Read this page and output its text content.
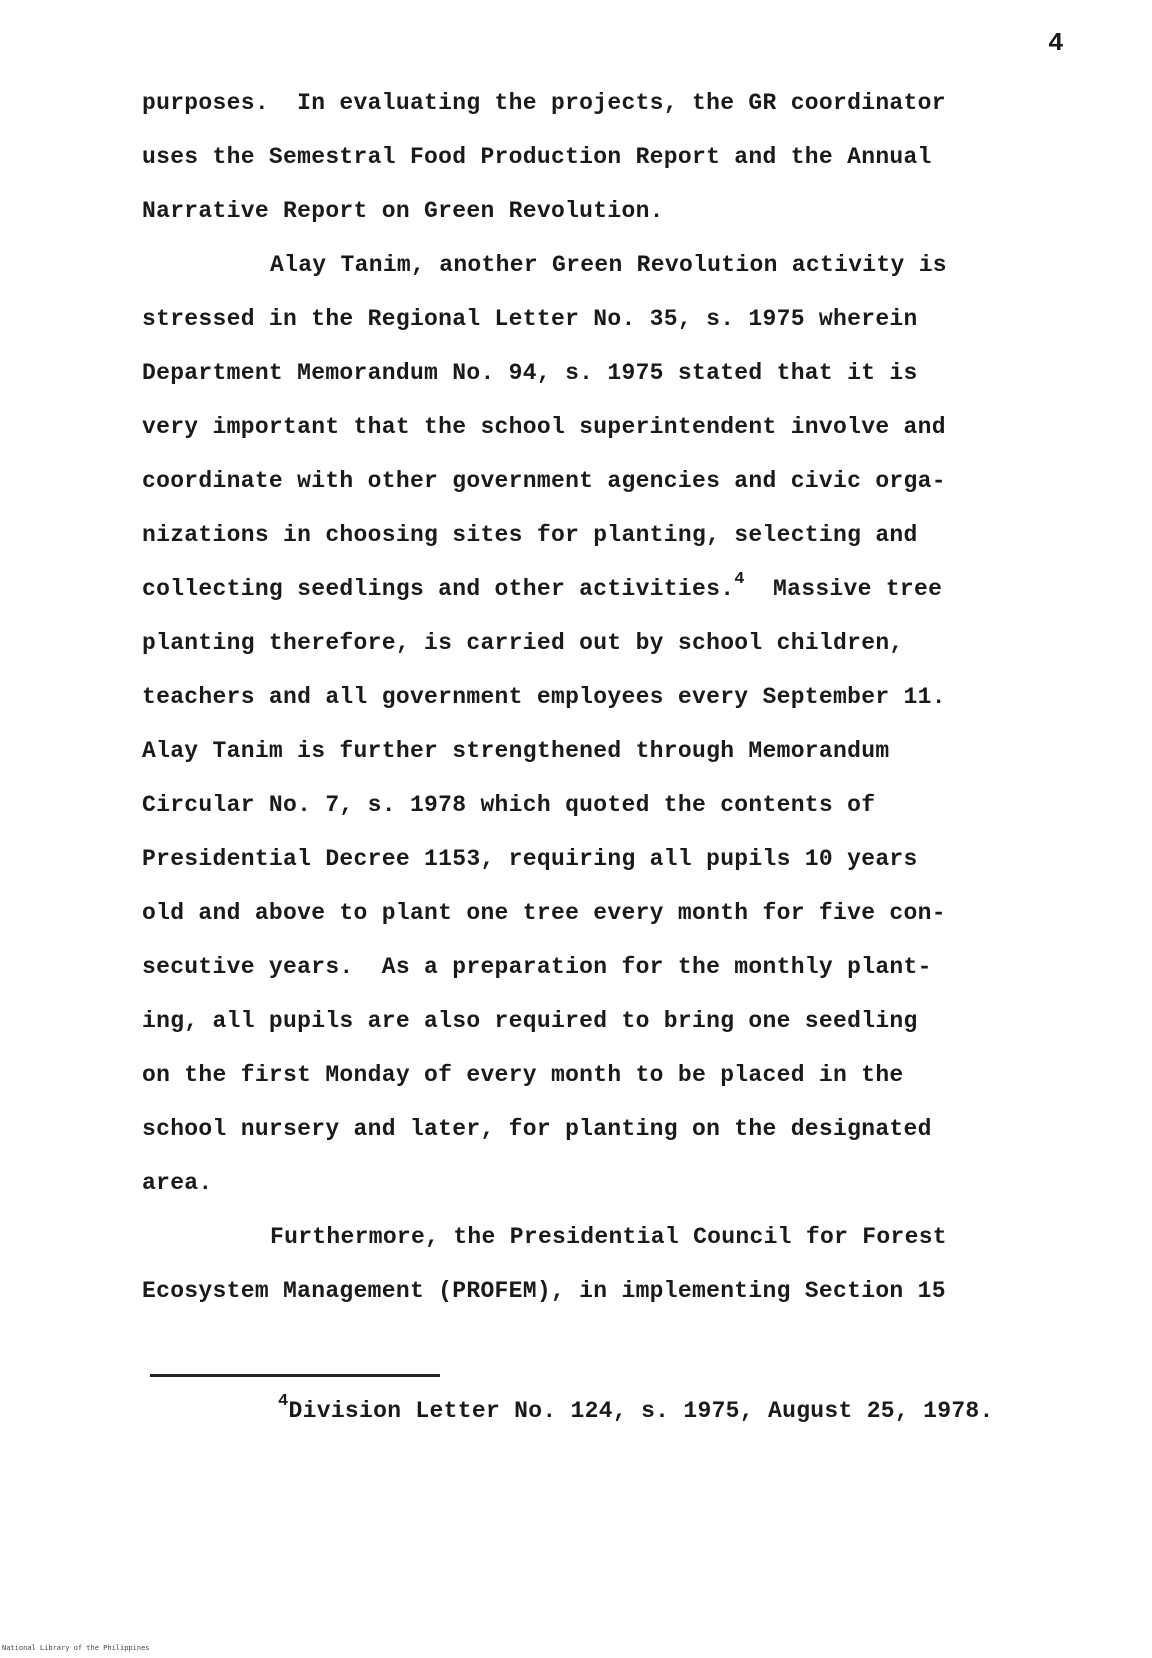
4
purposes.  In evaluating the projects, the GR coordinator
uses the Semestral Food Production Report and the Annual
Narrative Report on Green Revolution.
Alay Tanim, another Green Revolution activity is
stressed in the Regional Letter No. 35, s. 1975 wherein
Department Memorandum No. 94, s. 1975 stated that it is
very important that the school superintendent involve and
coordinate with other government agencies and civic orga-
nizations in choosing sites for planting, selecting and
collecting seedlings and other activities.$^4$  Massive tree
planting therefore, is carried out by school children,
teachers and all government employees every September 11.
Alay Tanim is further strengthened through Memorandum
Circular No. 7, s. 1978 which quoted the contents of
Presidential Decree 1153, requiring all pupils 10 years
old and above to plant one tree every month for five con-
secutive years.  As a preparation for the monthly plant-
ing, all pupils are also required to bring one seedling
on the first Monday of every month to be placed in the
school nursery and later, for planting on the designated
area.
Furthermore, the Presidential Council for Forest
Ecosystem Management (PROFEM), in implementing Section 15
$^4$Division Letter No. 124, s. 1975, August 25, 1978.
National Library of the Philippines
